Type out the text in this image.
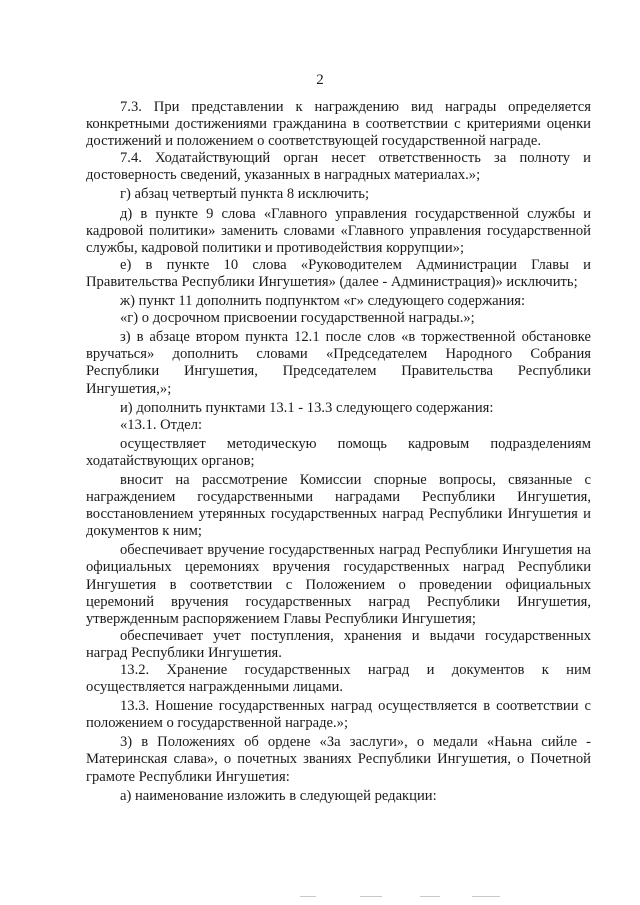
2

7.3. При представлении к награждению вид награды определяется конкретными достижениями гражданина в соответствии с критериями оценки достижений и положением о соответствующей государственной награде.

7.4. Ходатайствующий орган несет ответственность за полноту и достоверность сведений, указанных в наградных материалах.»;

г) абзац четвертый пункта 8 исключить;

д) в пункте 9 слова «Главного управления государственной службы и кадровой политики» заменить словами «Главного управления государственной службы, кадровой политики и противодействия коррупции»;

е) в пункте 10 слова «Руководителем Администрации Главы и Правительства Республики Ингушетия» (далее - Администрация)» исключить;

ж) пункт 11 дополнить подпунктом «г» следующего содержания:

«г) о досрочном присвоении государственной награды.»;

з) в абзаце втором пункта 12.1 после слов «в торжественной обстановке вручаться» дополнить словами «Председателем Народного Собрания Республики Ингушетия, Председателем Правительства Республики Ингушетия,»;

и) дополнить пунктами 13.1 - 13.3 следующего содержания:

«13.1. Отдел:

осуществляет методическую помощь кадровым подразделениям ходатайствующих органов;

вносит на рассмотрение Комиссии спорные вопросы, связанные с награждением государственными наградами Республики Ингушетия, восстановлением утерянных государственных наград Республики Ингушетия и документов к ним;

обеспечивает вручение государственных наград Республики Ингушетия на официальных церемониях вручения государственных наград Республики Ингушетия в соответствии с Положением о проведении официальных церемоний вручения государственных наград Республики Ингушетия, утвержденным распоряжением Главы Республики Ингушетия;

обеспечивает учет поступления, хранения и выдачи государственных наград Республики Ингушетия.

13.2. Хранение государственных наград и документов к ним осуществляется награжденными лицами.

13.3. Ношение государственных наград осуществляется в соответствии с положением о государственной награде.»;

3) в Положениях об ордене «За заслуги», о медали «Наьна сийле - Материнская слава», о почетных званиях Республики Ингушетия, о Почетной грамоте Республики Ингушетия:

а) наименование изложить в следующей редакции:
